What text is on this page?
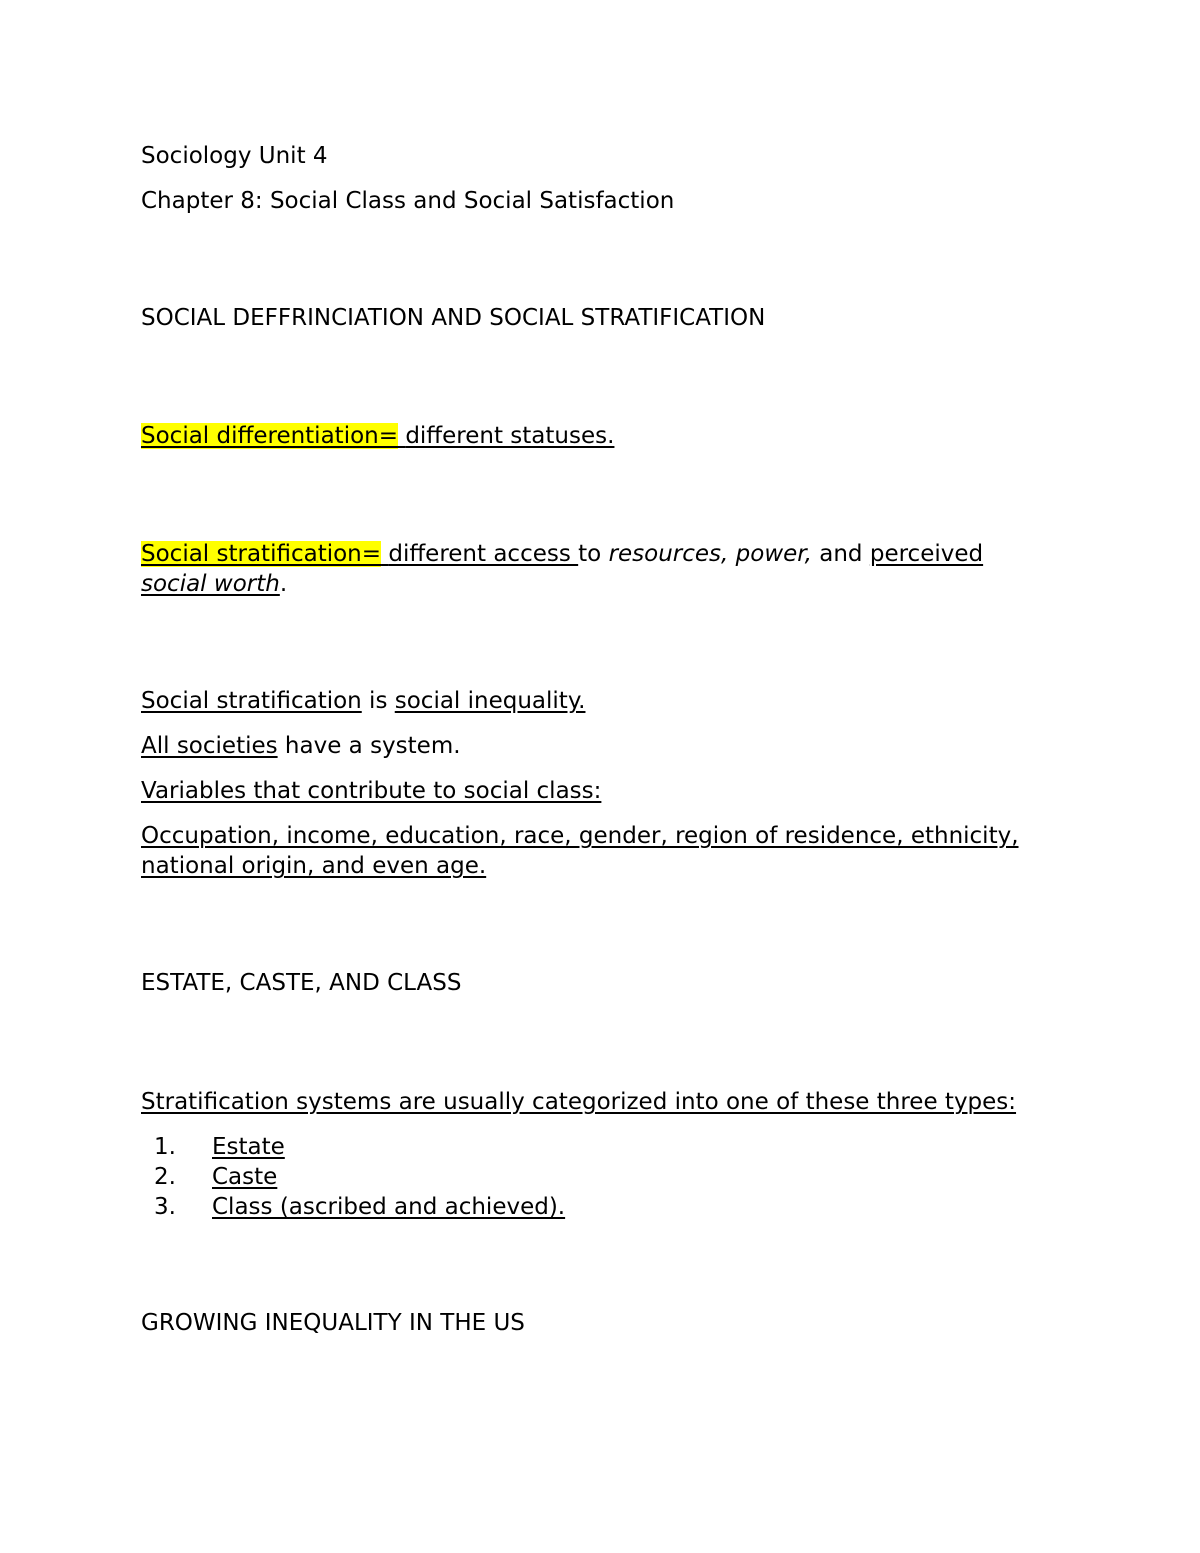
Sociology Unit 4

Chapter 8: Social Class and Social Satisfaction

SOCIAL DEFFRINCIATION AND SOCIAL STRATIFICATION

Social differentiation= different statuses.

Social stratification= different access to resources, power, and perceived

social worth.

Social stratification is social inequality.

All societies have a system.

Variables that contribute to social class:

Occupation, income, education, race, gender, region of residence, ethnicity,

national origin, and even age.

ESTATE, CASTE, AND CLASS

Stratification systems are usually categorized into one of these three types:

1. Estate
2. Caste
3. Class (ascribed and achieved).

GROWING INEQUALITY IN THE US
